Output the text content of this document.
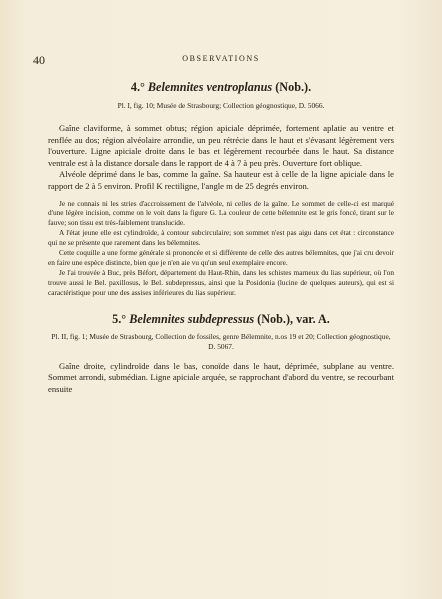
40	OBSERVATIONS
4.° Belemnites ventroplanus (Nob.).

Pl. I, fig. 10; Musée de Strasbourg; Collection géognostique, D. 5066.

Gaîne claviforme, à sommet obtus; région apiciale déprimée, fortement aplatie au ventre et renflée au dos; région alvéolaire arrondie, un peu rétrécie dans le haut et s'évasant légèrement vers l'ouverture. Ligne apiciale droite dans le bas et légèrement recourbée dans le haut. Sa distance ventrale est à la distance dorsale dans le rapport de 4 à 7 à peu près. Ouverture fort oblique.

Alvéole déprimé dans le bas, comme la gaîne. Sa hauteur est à celle de la ligne apiciale dans le rapport de 2 à 5 environ. Profil K rectiligne, l'angle m de 25 degrés environ.

Je ne connais ni les stries d'accroissement de l'alvéole, ni celles de la gaîne. Le sommet de celle-ci est marqué d'une légère incision, comme on le voit dans la figure G. La couleur de cette bélemnite est le gris foncé, tirant sur le fauve; son tissu est très-faiblement translucide.

A l'état jeune elle est cylindroïde, à contour subcirculaire; son sommet n'est pas aigu dans cet état : circonstance qui ne se présente que rarement dans les bélemnites.

Cette coquille a une forme générale si prononcée et si différente de celle des autres bélemnites, que j'ai cru devoir en faire une espèce distincte, bien que je n'en aie vu qu'un seul exemplaire encore.

Je l'ai trouvée à Buc, près Béfort, département du Haut-Rhin, dans les schistes marneux du lias supérieur, où l'on trouve aussi le Bel. paxillosus, le Bel. subdepressus, ainsi que la Posidonia (lucine de quelques auteurs), qui est si caractéristique pour une des assises inférieures du lias supérieur.

5.° Belemnites subdepressus (Nob.), var. A.

Pl. II, fig. 1; Musée de Strasbourg, Collection de fossiles, genre Bélemnite, n.os 19 et 20; Collection géognostique, D. 5067.

Gaîne droite, cylindroïde dans le bas, conoïde dans le haut, déprimée, subplane au ventre. Sommet arrondi, submédian. Ligne apiciale arquée, se rapprochant d'abord du ventre, se recourbant ensuite
